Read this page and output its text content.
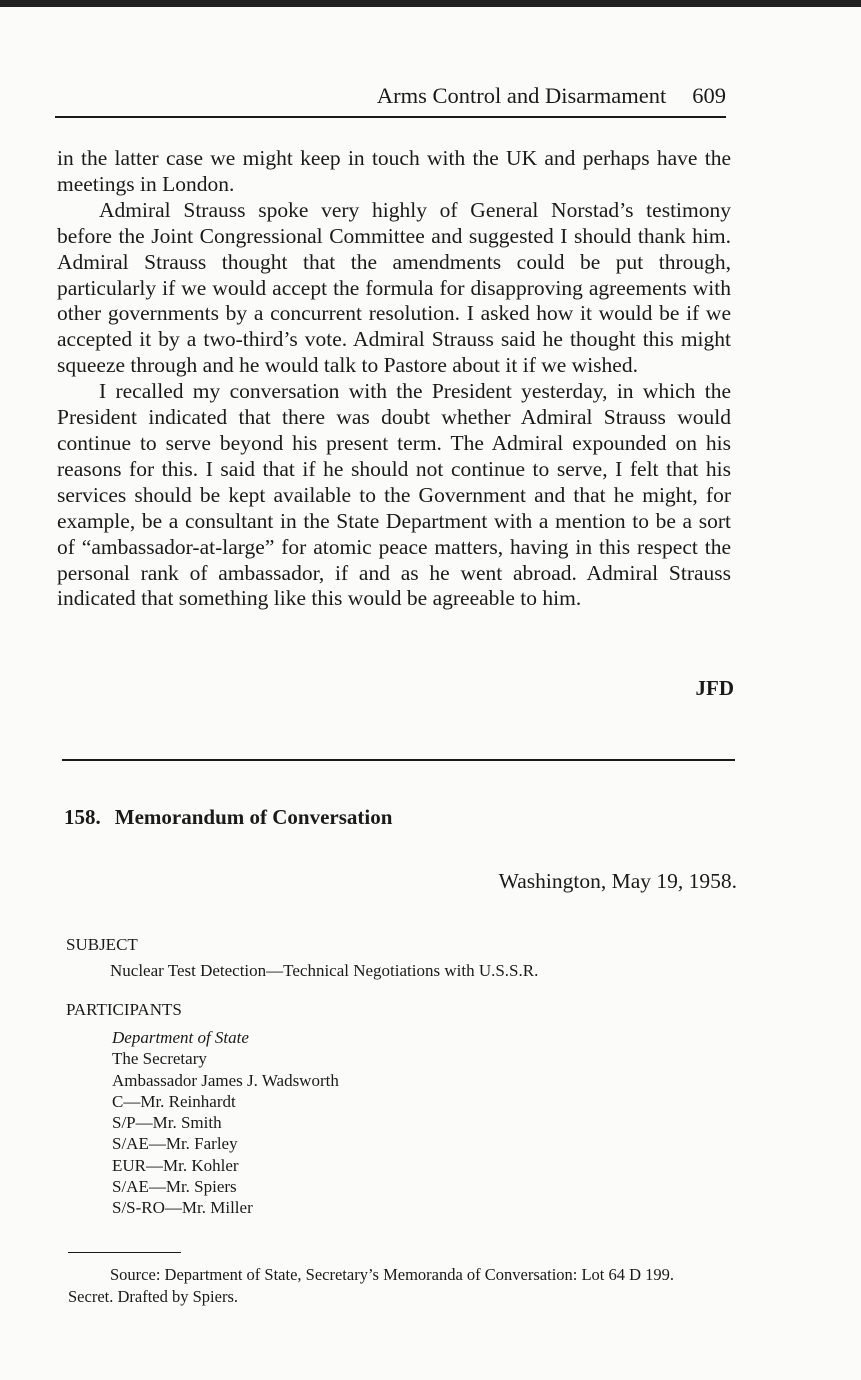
Arms Control and Disarmament 609

in the latter case we might keep in touch with the UK and perhaps have the meetings in London.

Admiral Strauss spoke very highly of General Norstad’s testimony before the Joint Congressional Committee and suggested I should thank him. Admiral Strauss thought that the amendments could be put through, particularly if we would accept the formula for disapproving agreements with other governments by a concurrent resolution. I asked how it would be if we accepted it by a two-third’s vote. Admiral Strauss said he thought this might squeeze through and he would talk to Pastore about it if we wished.

I recalled my conversation with the President yesterday, in which the President indicated that there was doubt whether Admiral Strauss would continue to serve beyond his present term. The Admiral expounded on his reasons for this. I said that if he should not continue to serve, I felt that his services should be kept available to the Government and that he might, for example, be a consultant in the State Department with a mention to be a sort of “ambassador-at-large” for atomic peace matters, having in this respect the personal rank of ambassador, if and as he went abroad. Admiral Strauss indicated that something like this would be agreeable to him.

JFD
158. Memorandum of Conversation
Washington, May 19, 1958.
SUBJECT
Nuclear Test Detection—Technical Negotiations with U.S.S.R.
PARTICIPANTS
Department of State
The Secretary
Ambassador James J. Wadsworth
C—Mr. Reinhardt
S/P—Mr. Smith
S/AE—Mr. Farley
EUR—Mr. Kohler
S/AE—Mr. Spiers
S/S-RO—Mr. Miller
Source: Department of State, Secretary’s Memoranda of Conversation: Lot 64 D 199.
Secret. Drafted by Spiers.
